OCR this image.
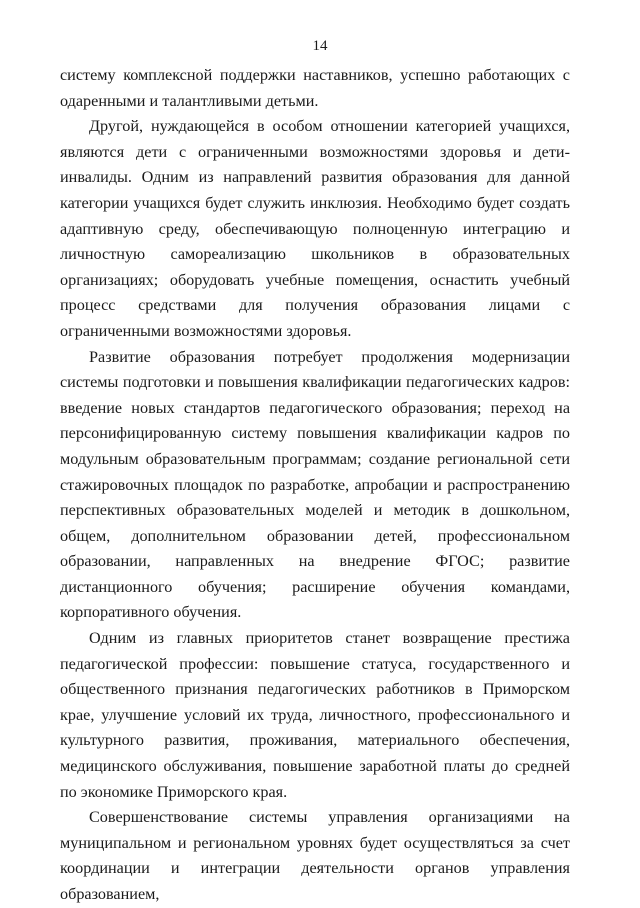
14

системy комплексной поддержки наставников, успешно работающих с одаренными и талантливыми детьми.

Другой, нуждающейся в особом отношении категорией учащихся, являются дети с ограниченными возможностями здоровья и дети-инвалиды. Одним из направлений развития образования для данной категории учащихся будет служить инклюзия. Необходимо будет создать адаптивную среду, обеспечивающую полноценную интеграцию и личностную самореализацию школьников в образовательных организациях; оборудовать учебные помещения, оснастить учебный процесс средствами для получения образования лицами с ограниченными возможностями здоровья.

Развитие образования потребует продолжения модернизации системы подготовки и повышения квалификации педагогических кадров: введение новых стандартов педагогического образования; переход на персонифицированную систему повышения квалификации кадров по модульным образовательным программам; создание региональной сети стажировочных площадок по разработке, апробации и распространению перспективных образовательных моделей и методик в дошкольном, общем, дополнительном образовании детей, профессиональном образовании, направленных на внедрение ФГОС; развитие дистанционного обучения; расширение обучения командами, корпоративного обучения.

Одним из главных приоритетов станет возвращение престижа педагогической профессии: повышение статуса, государственного и общественного признания педагогических работников в Приморском крае, улучшение условий их труда, личностного, профессионального и культурного развития, проживания, материального обеспечения, медицинского обслуживания, повышение заработной платы до средней по экономике Приморского края.

Совершенствование системы управления организациями на муниципальном и региональном уровнях будет осуществляться за счет координации и интеграции деятельности органов управления образованием,
